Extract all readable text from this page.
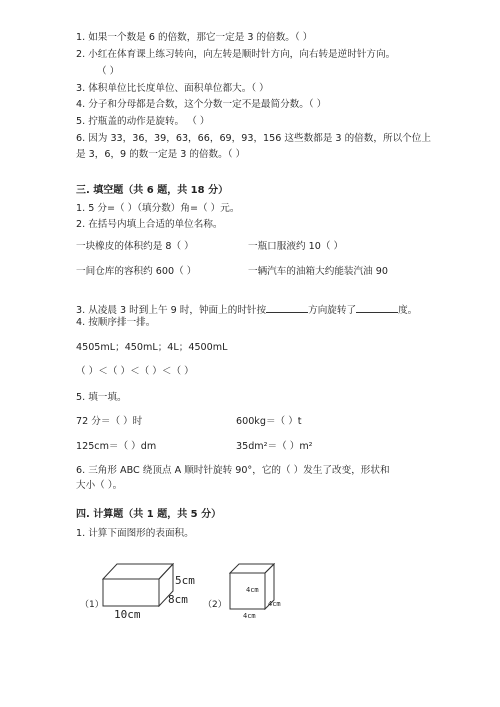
1. 如果一个数是 6 的倍数，那它一定是 3 的倍数。（ ）
2. 小红在体育课上练习转向，向左转是顺时针方向，向右转是逆时针方向。
（ ）
3. 体积单位比长度单位、面积单位都大。（ ）
4. 分子和分母都是合数，这个分数一定不是最简分数。（ ）
5. 拧瓶盖的动作是旋转。 （ ）
6. 因为 33，36，39，63，66，69，93，156 这些数都是 3 的倍数，所以个位上
是 3，6，9 的数一定是 3 的倍数。（ ）
三. 填空题（共 6 题，共 18 分）
1. 5 分=（ ）（填分数）角=（ ）元。
2. 在括号内填上合适的单位名称。
一块橡皮的体积约是 8（ ）	一瓶口服液约 10（ ）
一间仓库的容积约 600（ ）	一辆汽车的油箱大约能装汽油 90
3. 从凌晨 3 时到上午 9 时，钟面上的时针按	方向旋转了	度。
4. 按顺序排一排。
4505mL；450mL；4L；4500mL
（ ）＜（ ）＜（ ）＜（ ）
5. 填一填。
72 分＝（ ）时	600kg＝（ ）t
125cm＝（ ）dm	35dm²＝（ ）m²
6. 三角形 ABC 绕顶点 A 顺时针旋转 90°，它的（ ）发生了改变，形状和
大小（ ）。
四. 计算题（共 1 题，共 5 分）
1. 计算下面图形的表面积。
（1）
5cm
8cm
10cm
（2）
4cm
4cm
4cm
